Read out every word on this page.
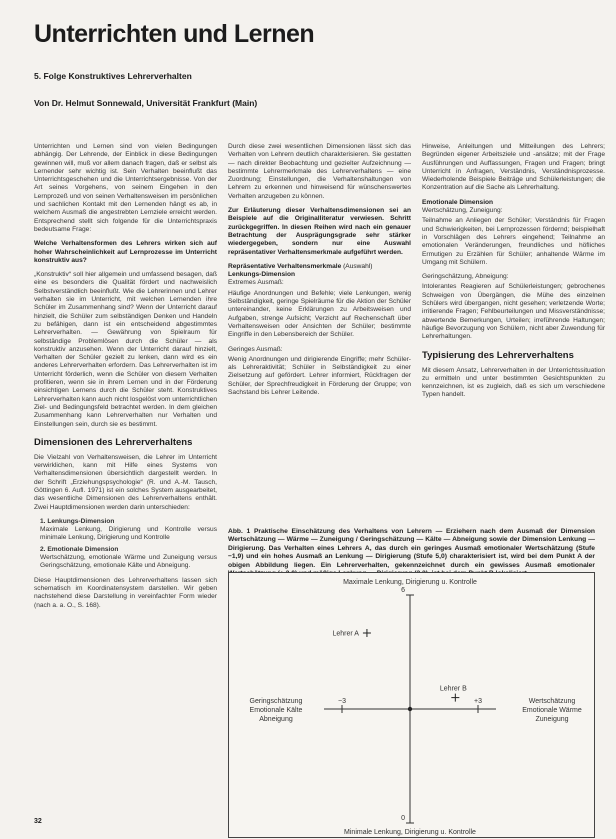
Unterrichten und Lernen
5. Folge Konstruktives Lehrerverhalten
Von Dr. Helmut Sonnewald, Universität Frankfurt (Main)

Unterrichten und Lernen sind von vielen Bedingungen abhängig. Der Lehrende, der Einblick in diese Bedingungen gewinnen will, muß vor allem danach fragen, daß er selbst als Lernender sehr wichtig ist. Sein Verhalten beeinflußt das Unterrichtsgeschehen und die Unterrichtsergebnisse. Von der Art seines Vorgehens, von seinem Eingehen in den Lernprozeß und von seinen Verhaltensweisen im persönlichen und sachlichen Kontakt mit den Lernenden hängt es ab, in welchem Ausmaß die angestrebten Lernziele erreicht werden. Entsprechend stellt sich folgende für die Unterrichtspraxis bedeutsame Frage:

Welche Verhaltensformen des Lehrers wirken sich auf hoher Wahrscheinlichkeit auf Lernprozesse im Unterricht konstruktiv aus?

„Konstruktiv“ soll hier allgemein und umfassend besagen, daß eine es besonders die Qualität fördert und nachweislich Selbstverständlich beeinflußt. Wie die Lehrerinnen und Lehrer verhalten sie im Unterricht, mit welchen Lernenden ihre Schüler im Zusammenhang sind? Wenn der Unterricht darauf hinzielt, die Schüler zum selbständigen Denken und Handeln zu befähigen, dann ist ein entscheidend abgestimmtes Lehrerverhalten. — Gewährung von Spielraum für selbständige Problemlösen durch die Schüler — als konstruktiv anzusehen. Wenn der Unterricht darauf hinzielt, Verhalten der Schüler gezielt zu lenken, dann wird es ein anderes Lehrerverhalten erfordern. Das Lehrerverhalten ist im Unterricht förderlich, wenn die Schüler von diesem Verhalten profitieren, wenn sie in ihrem Lernen und in der Förderung einsichtigen Lernens durch die Schüler steht. Konstruktives Lehrerverhalten kann auch nicht losgelöst vom unterrichtlichen Ziel- und Bedingungsfeld betrachtet werden. In dem gleichen Zusammenhang kann Lehrerverhalten nur Verhalten und Einstellungen sein, durch sie es bestimmt.

Dimensionen des Lehrerverhaltens

Die Vielzahl von Verhaltensweisen, die Lehrer im Unterricht verwirklichen, kann mit Hilfe eines Systems von Verhaltensdimensionen übersichtlich dargestellt werden. In der Schrift „Erziehungspsychologie“ (R. und A.-M. Tausch, Göttingen 6. Aufl. 1971) ist ein solches System ausgearbeitet, das wesentliche Dimensionen des Lehrerverhaltens enthält. Zwei Hauptdimensionen werden darin unterschieden:

1. Lenkungs-Dimension
Maximale Lenkung, Dirigierung und Kontrolle versus minimale Lenkung, Dirigierung und Kontrolle
2. Emotionale Dimension
Wertschätzung, emotionale Wärme und Zuneigung versus Geringschätzung, emotionale Kälte und Abneigung.

Diese Hauptdimensionen des Lehrerverhaltens lassen sich schematisch im Koordinatensystem darstellen. Wir geben nachstehend diese Darstellung in vereinfachter Form wieder (nach a. a. O., S. 168).

Durch diese zwei wesentlichen Dimensionen lässt sich das Verhalten von Lehrern deutlich charakterisieren. Sie gestatten — nach direkter Beobachtung und gezielter Aufzeichnung — bestimmte Lehrermerkmale des Lehrerverhaltens — eine Zuordnung; Einstellungen, die Verhaltenshaltungen von Lehrern zu erkennen und hinweisend für wünschenswertes Verhalten anzugeben zu können.

Zur Erläuterung dieser Verhaltensdimensionen sei an Beispiele auf die Originalliteratur verwiesen. Schritt zurückgegriffen. In diesen Reihen wird nach ein genauer Betrachtung der Ausprägungsgrade sehr stärker wiedergegeben, sondern nur eine Auswahl repräsentativer Verhaltensmerkmale aufgeführt werden.

Repräsentative Verhaltensmerkmale (Auswahl)

Lenkungs-Dimension

Extremes Ausmaß:

Häufige Anordnungen und Befehle; viele Lenkungen, wenig Selbständigkeit, geringe Spielräume für die Aktion der Schüler untereinander, keine Erklärungen zu Arbeitsweisen und Aufgaben, strenge Aufsicht; Verzicht auf Rechenschaft über Verhaltensweisen oder Ansichten der Schüler; bestimmte Eingriffe in den Lebensbereich der Schüler.

Geringes Ausmaß:

Wenig Anordnungen und dirigierende Eingriffe; mehr Schüler- als Lehreraktivität; Schüler in Selbständigkeit zu einer Zielsetzung auf gefördert. Lehrer informiert, Rückfragen der Schüler, der Sprechfreudigkeit in Förderung der Gruppe; von Sachstand bis Lehrer Leitende.

Hinweise, Anleitungen und Mitteilungen des Lehrers; Begründen eigener Arbeitsziele und -ansätze; mit der Frage Ausführungen und Auffassungen, Fragen und Fragen; bringt Unterricht in Anfragen, Verständnis, Verständnisprozesse. Wiederholende Beispiele Beiträge und Schülerleistungen; die Konzentration auf die Sache als Lehrerhaltung.

Emotionale Dimension

Wertschätzung, Zuneigung:

Teilnahme an Anliegen der Schüler; Verständnis für Fragen und Schwierigkeiten, bei Lernprozessen fördernd; beispielhaft in Vorschlägen des Lehrers eingehend; Teilnahme an emotionalen Veränderungen, freundliches und höfliches Ermutigen zu Erzählen für Schüler; anhaltende Wärme im Umgang mit Schülern.

Geringschätzung, Abneigung:

Intolerantes Reagieren auf Schülerleistungen; gebrochenes Schweigen von Übergängen, die Mühe des einzelnen Schülers wird übergangen, nicht gesehen; verletzende Worte; irritierende Fragen; Fehlbeurteilungen und Missverständnisse; abwertende Bemerkungen, Urteilen; irreführende Haltungen; häufige Bevorzugung von Schülern, nicht aber Zuwendung für Lehrerhaltungen.

Typisierung des Lehrerverhaltens

Mit diesem Ansatz, Lehrerverhalten in der Unterrichtssituation zu ermitteln und unter bestimmten Gesichtspunkten zu kennzeichnen, ist es zugleich, daß es sich um verschiedene Typen handelt.

Abb. 1 Praktische Einschätzung des Verhaltens von Lehrern — Erziehern nach dem Ausmaß der Dimension Wertschätzung — Wärme — Zuneigung / Geringschätzung — Kälte — Abneigung sowie der Dimension Lenkung — Dirigierung. Das Verhalten eines Lehrers A, das durch ein geringes Ausmaß emotionaler Wertschätzung (Stufe −1,9) und ein hohes Ausmaß an Lenkung — Dirigierung (Stufe 5,0) charakterisiert ist, wird bei dem Punkt A der obigen Abbildung liegen. Ein Lehrerverhalten, gekennzeichnet durch ein gewisses Ausmaß emotionaler

Maximale Lenkung, Dirigierung u. Kontrolle
Minimale Lenkung, Dirigierung u. Kontrolle
6
0
−3	+3
Geringschätzung
Emotionale Kälte
Abneigung
Wertschätzung
Emotionale Wärme
Zuneigung
Lehrer A
Lehrer B
32
